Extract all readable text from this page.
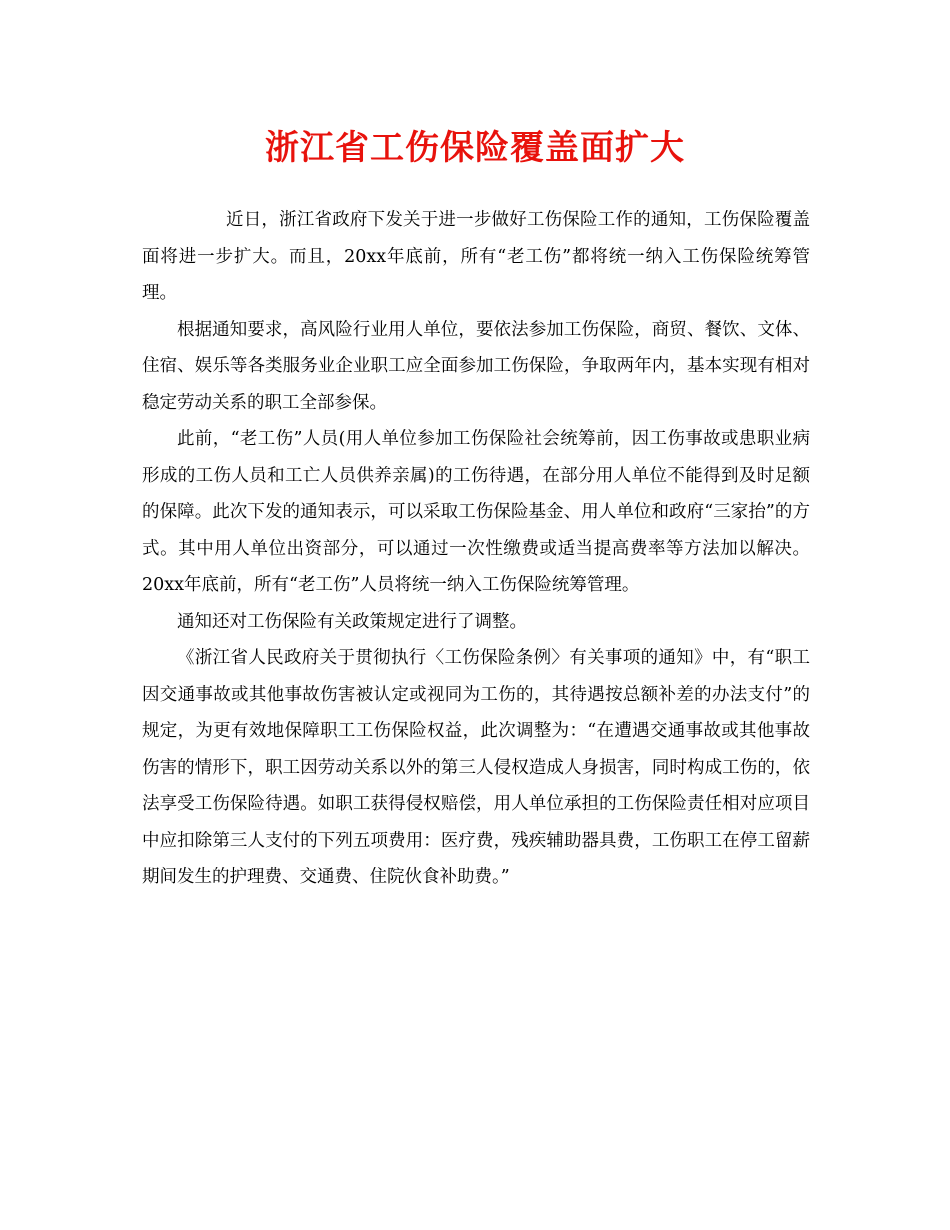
浙江省工伤保险覆盖面扩大

近日，浙江省政府下发关于进一步做好工伤保险工作的通知，工伤保险覆盖面将进一步扩大。而且，20xx年底前，所有“老工伤”都将统一纳入工伤保险统筹管理。

根据通知要求，高风险行业用人单位，要依法参加工伤保险，商贸、餐饮、文体、住宿、娱乐等各类服务业企业职工应全面参加工伤保险，争取两年内，基本实现有相对稳定劳动关系的职工全部参保。

此前，“老工伤”人员(用人单位参加工伤保险社会统筹前，因工伤事故或患职业病形成的工伤人员和工亡人员供养亲属)的工伤待遇，在部分用人单位不能得到及时足额的保障。此次下发的通知表示，可以采取工伤保险基金、用人单位和政府“三家抬”的方式。其中用人单位出资部分，可以通过一次性缴费或适当提高费率等方法加以解决。20xx年底前，所有“老工伤”人员将统一纳入工伤保险统筹管理。

通知还对工伤保险有关政策规定进行了调整。

《浙江省人民政府关于贯彻执行〈工伤保险条例〉有关事项的通知》中，有“职工因交通事故或其他事故伤害被认定或视同为工伤的，其待遇按总额补差的办法支付”的规定，为更有效地保障职工工伤保险权益，此次调整为：“在遭遇交通事故或其他事故伤害的情形下，职工因劳动关系以外的第三人侵权造成人身损害，同时构成工伤的，依法享受工伤保险待遇。如职工获得侵权赔偿，用人单位承担的工伤保险责任相对应项目中应扣除第三人支付的下列五项费用：医疗费，残疾辅助器具费，工伤职工在停工留薪期间发生的护理费、交通费、住院伙食补助费。”
